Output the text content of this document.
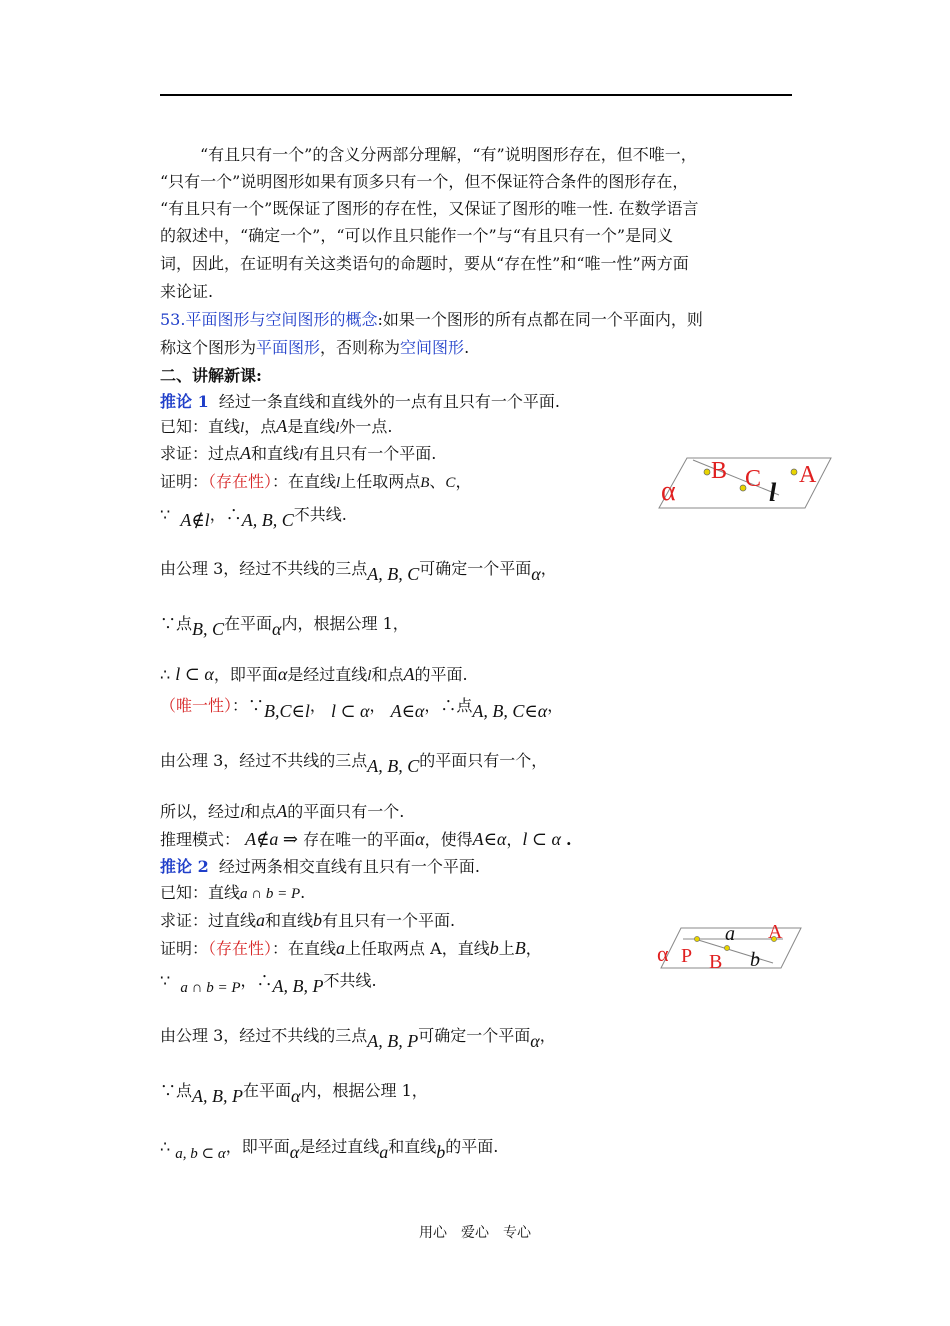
“有且只有一个”的含义分两部分理解，“有”说明图形存在，但不唯一，
“只有一个”说明图形如果有顶多只有一个，但不保证符合条件的图形存在，
“有且只有一个”既保证了图形的存在性，又保证了图形的唯一性. 在数学语言
的叙述中，“确定一个”，“可以作且只能作一个”与“有且只有一个”是同义
词，因此，在证明有关这类语句的命题时，要从“存在性”和“唯一性”两方面
来论证.
53.平面图形与空间图形的概念:如果一个图形的所有点都在同一个平面内，则
称这个图形为平面图形，否则称为空间图形.
二、讲解新课:
推论 1 经过一条直线和直线外的一点有且只有一个平面.
已知：直线l，点A是直线l外一点.
求证：过点A和直线l有且只有一个平面.
证明：（存在性）：在直线l上任取两点B、C，
∵ A∉l，∴A, B, C不共线.
由公理 3，经过不共线的三点A, B, C可确定一个平面α，
∵点B, C在平面α内，根据公理 1，
∴ l ⊂ α，即平面α是经过直线l和点A的平面.
（唯一性）：∵B,C∈l， l ⊂ α， A∈α，∴点A, B, C∈α，
由公理 3，经过不共线的三点A, B, C的平面只有一个，
所以，经过l和点A的平面只有一个.
推理模式： A∉a ⇒ 存在唯一的平面α，使得A∈α，l ⊂ α .
推论 2 经过两条相交直线有且只有一个平面.
已知：直线a ∩ b = P.
求证：过直线a和直线b有且只有一个平面.
证明：（存在性）：在直线a上任取两点 A，直线b上B，
∵ a ∩ b = P，∴A, B, P不共线.
由公理 3，经过不共线的三点A, B, P可确定一个平面α，
∵点A, B, P在平面α内，根据公理 1，
∴ a, b ⊂ α，即平面α是经过直线a和直线b的平面.
α
B C A
l
α P B
a A
b
用心　爱心　专心
